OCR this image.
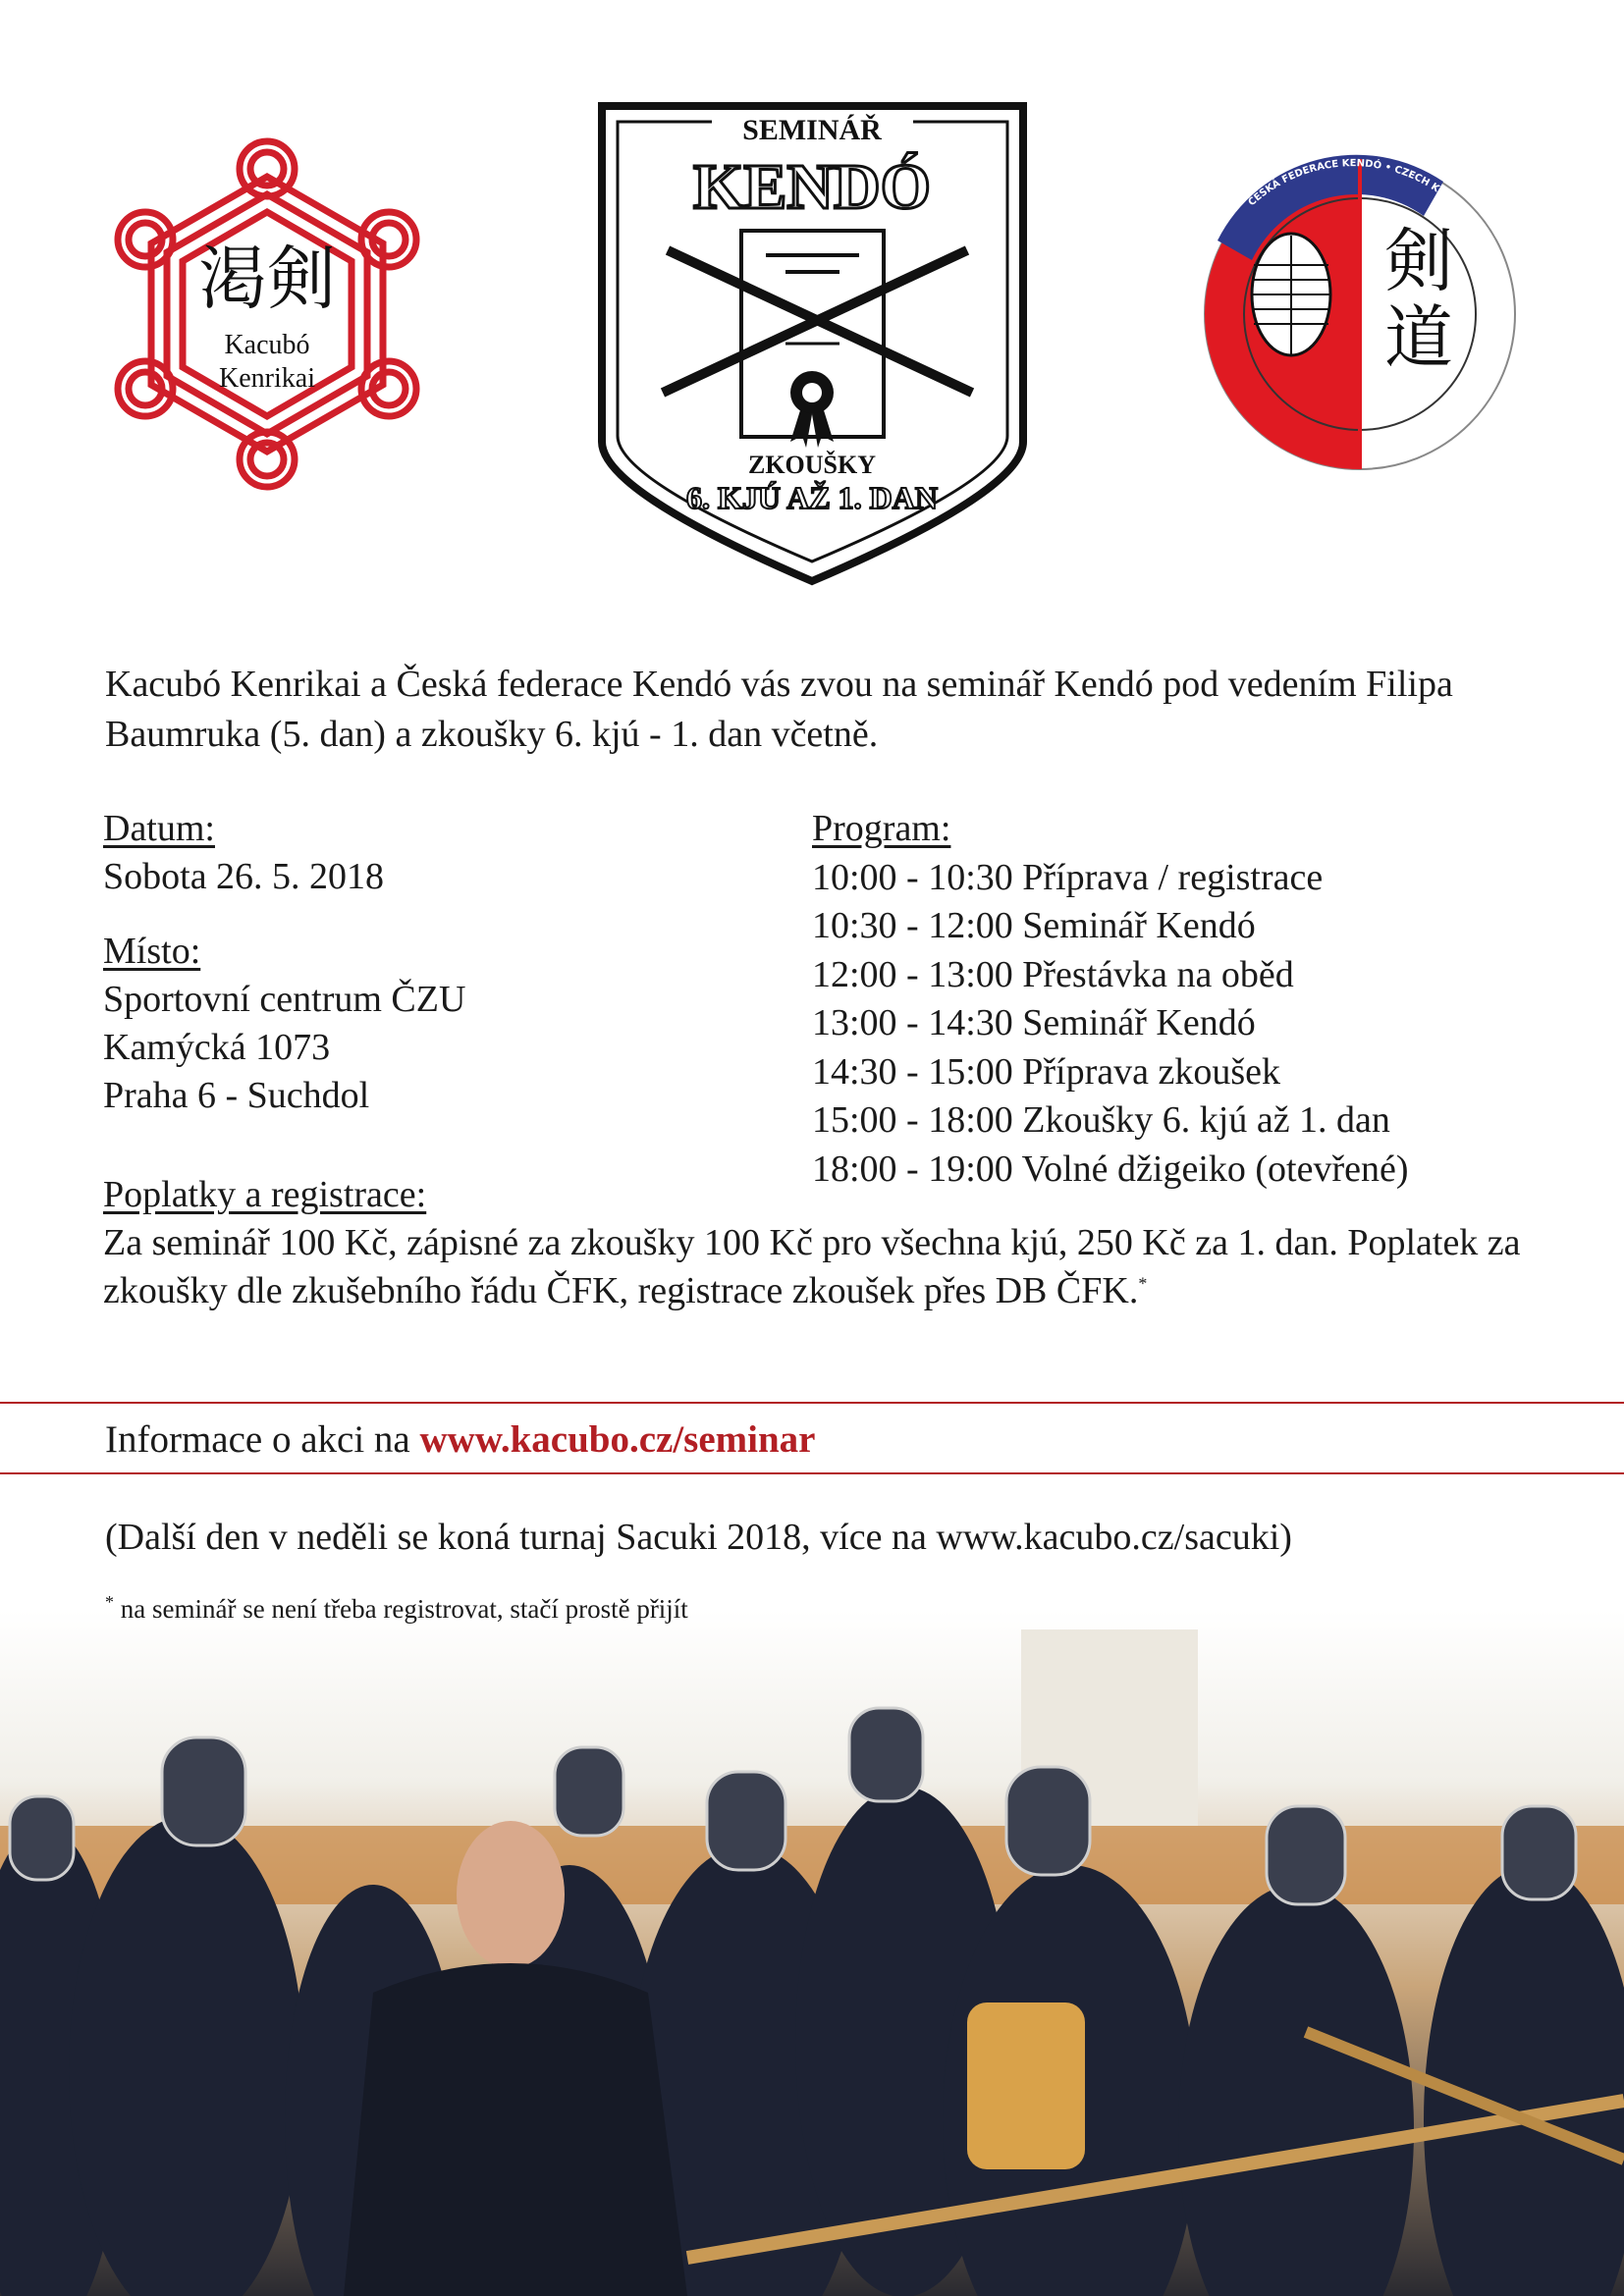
渇剣
Kacubó
Kenrikai
SEMINÁŘ
KENDÓ
ZKOUŠKY
6. KJÚ AŽ 1. DAN
剣
道
ČESKÁ FEDERACE KENDÓ • CZECH KENDO FEDERATION •
Kacubó Kenrikai a Česká federace Kendó vás zvou na seminář Kendó pod vedením Filipa Baumruka (5. dan) a zkoušky 6. kjú - 1. dan včetně.
Datum:
Sobota 26. 5. 2018
Místo:
Sportovní centrum ČZU
Kamýcká 1073
Praha 6 - Suchdol
Program:
10:00 - 10:30 Příprava / registrace
10:30 - 12:00 Seminář Kendó
12:00 - 13:00 Přestávka na oběd
13:00 - 14:30 Seminář Kendó
14:30 - 15:00 Příprava zkoušek
15:00 - 18:00 Zkoušky 6. kjú až 1. dan
18:00 - 19:00 Volné džigeiko (otevřené)
Poplatky a registrace:
Za seminář 100 Kč, zápisné za zkoušky 100 Kč pro všechna kjú, 250 Kč za 1. dan. Poplatek za zkoušky dle zkušebního řádu ČFK, registrace zkoušek přes DB ČFK.*
Informace o akci na www.kacubo.cz/seminar
(Další den v neděli se koná turnaj Sacuki 2018, více na www.kacubo.cz/sacuki)
* na seminář se není třeba registrovat, stačí prostě přijít
